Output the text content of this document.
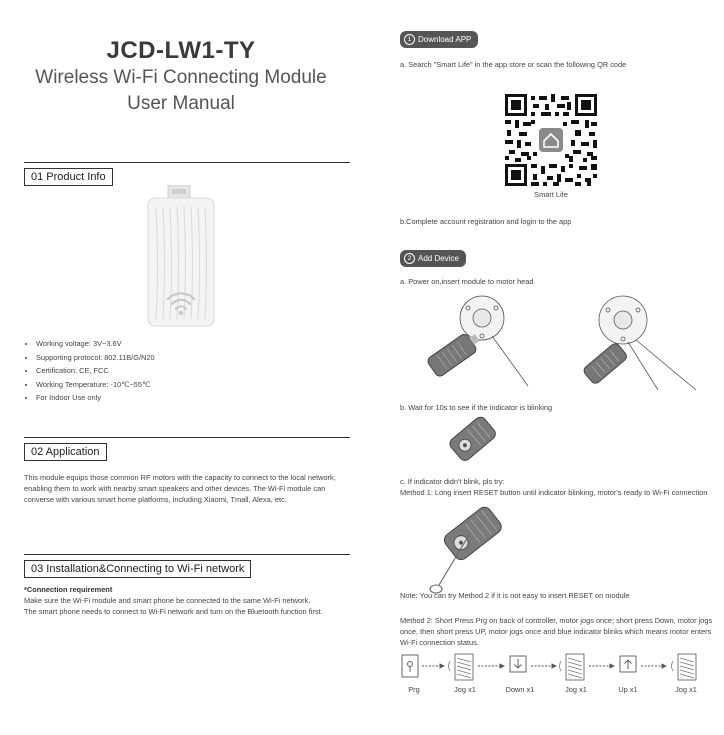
JCD-LW1-TY
Wireless Wi-Fi Connecting Module
User Manual
01 Product Info
• Working voltage: 3V~3.6V
• Supporting protocol: 802.11B/G/N20
• Certification: CE, FCC
• Working Temperature: -10℃~55℃
• For Indoor Use only
02 Application
This module equips those common RF motors with the capacity to connect to the local network, enabling them to work with nearby smart speakers and other devices. The Wi-Fi module can converse with various smart home platforms, including Xiaomi, Tmall, Alexa, etc.
03 Installation&Connecting to Wi-Fi network
*Connection requirement
Make sure the Wi-Fi module and smart phone be connected to the same Wi-Fi network.
The smart phone needs to connect to Wi-Fi network and turn on the Bluetooth function first.
1 Download APP
a. Search "Smart Life" in the app store or scan the following QR code
Smart Life
b.Complete account registration and login to the app
2 Add Device
a. Power on,insert module to motor head
b. Wait for 10s to see if the indicator is blinking
c. If indicator didn't blink, pls try:
Method 1: Long insert RESET button until indicator blinking, motor's ready to Wi-Fi connection
Note: You can try Method 2 if it is not easy to insert RESET on module
Method 2: Short Press Prg on back of controller, motor jogs once; short press Down, motor jogs once, then short press UP, motor jogs once and blue indicator blinks which means motor enters Wi-Fi connection status.
Prg	Jog x1	Down x1	Jog x1	Up x1	Jog x1
